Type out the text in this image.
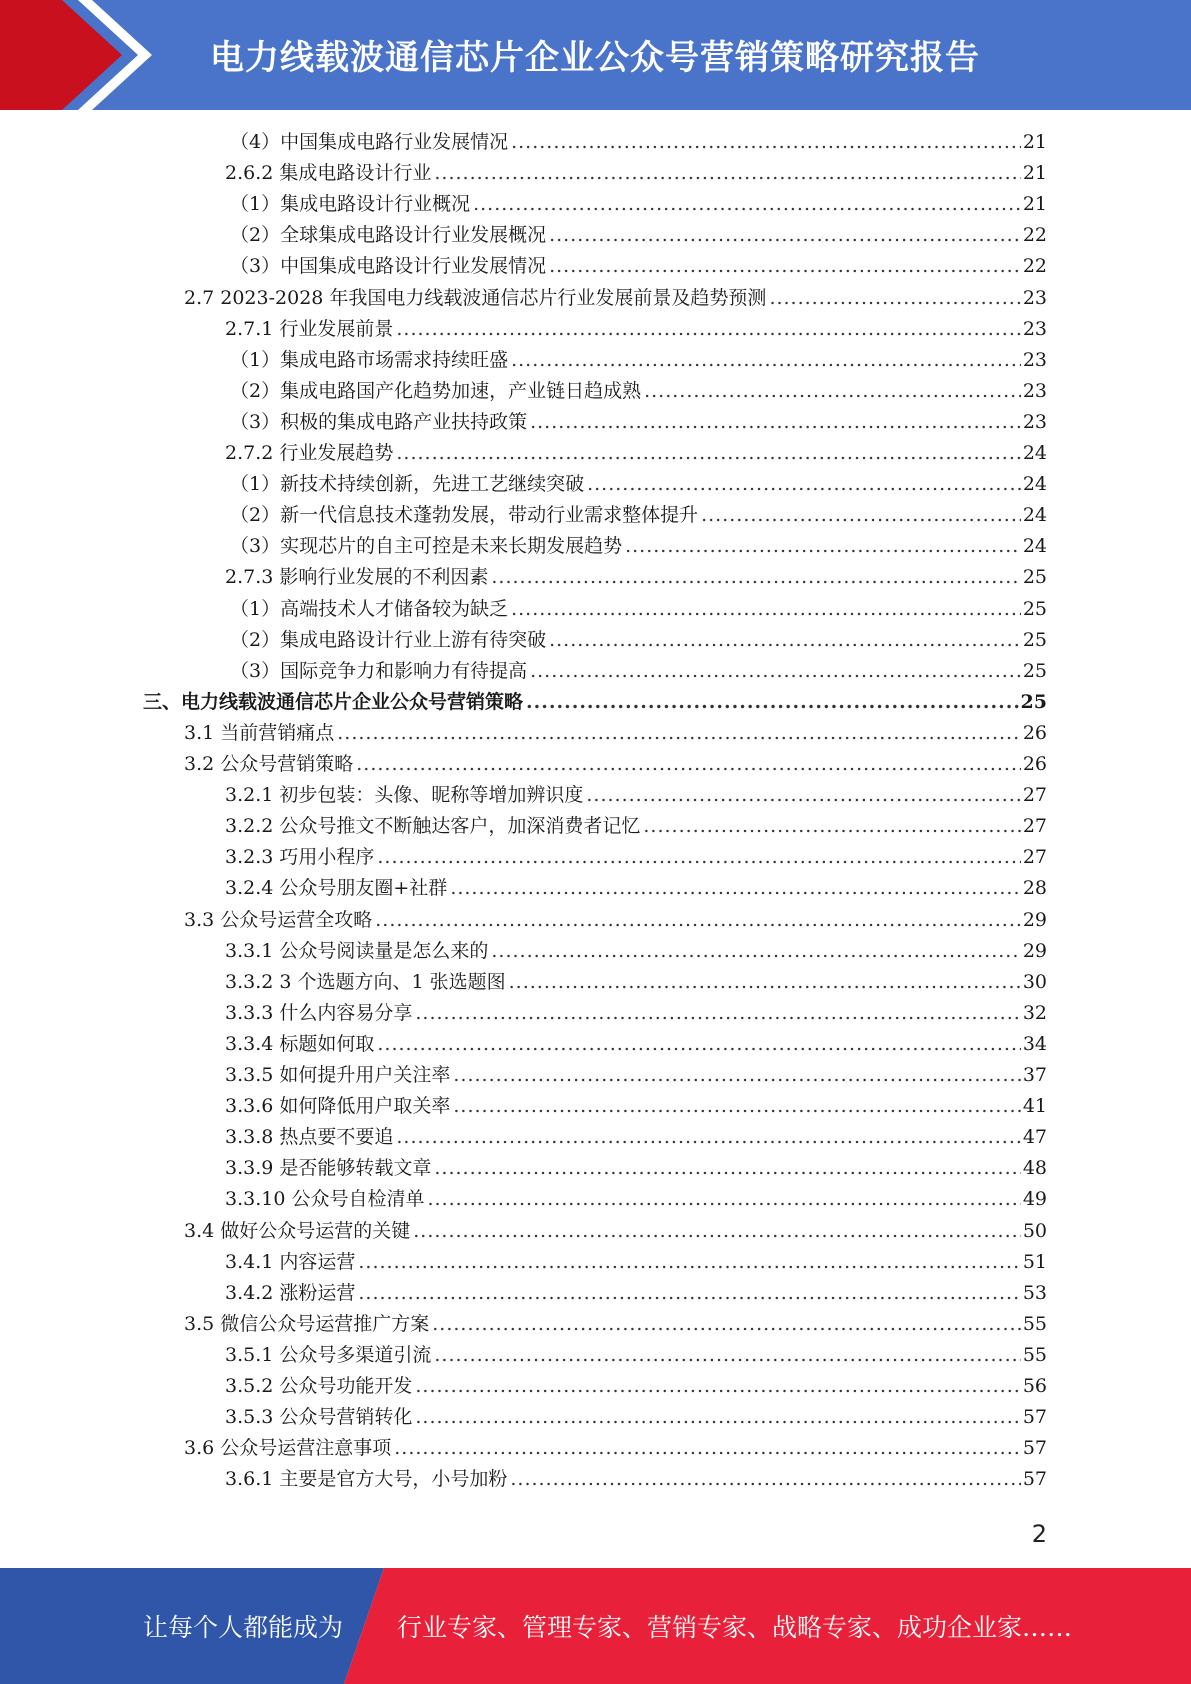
电力线载波通信芯片企业公众号营销策略研究报告
（4）中国集成电路行业发展情况 .....	21
2.6.2 集成电路设计行业 .....	21
（1）集成电路设计行业概况 .....	21
（2）全球集成电路设计行业发展概况 .....	22
（3）中国集成电路设计行业发展情况 .....	22
2.7 2023-2028 年我国电力线载波通信芯片行业发展前景及趋势预测 .....	23
2.7.1 行业发展前景 .....	23
（1）集成电路市场需求持续旺盛 .....	23
（2）集成电路国产化趋势加速，产业链日趋成熟 .....	23
（3）积极的集成电路产业扶持政策 .....	23
2.7.2 行业发展趋势 .....	24
（1）新技术持续创新，先进工艺继续突破 .....	24
（2）新一代信息技术蓬勃发展，带动行业需求整体提升 .....	24
（3）实现芯片的自主可控是未来长期发展趋势 .....	24
2.7.3 影响行业发展的不利因素 .....	25
（1）高端技术人才储备较为缺乏 .....	25
（2）集成电路设计行业上游有待突破 .....	25
（3）国际竞争力和影响力有待提高 .....	25
三、电力线载波通信芯片企业公众号营销策略 .....	25
3.1 当前营销痛点 .....	26
3.2 公众号营销策略 .....	26
3.2.1 初步包装：头像、昵称等增加辨识度 .....	27
3.2.2 公众号推文不断触达客户，加深消费者记忆 .....	27
3.2.3 巧用小程序 .....	27
3.2.4 公众号朋友圈+社群 .....	28
3.3 公众号运营全攻略 .....	29
3.3.1 公众号阅读量是怎么来的 .....	29
3.3.2 3 个选题方向、1 张选题图 .....	30
3.3.3 什么内容易分享 .....	32
3.3.4 标题如何取 .....	34
3.3.5 如何提升用户关注率 .....	37
3.3.6 如何降低用户取关率 .....	41
3.3.8 热点要不要追 .....	47
3.3.9 是否能够转载文章 .....	48
3.3.10 公众号自检清单 .....	49
3.4 做好公众号运营的关键 .....	50
3.4.1 内容运营 .....	51
3.4.2 涨粉运营 .....	53
3.5 微信公众号运营推广方案 .....	55
3.5.1 公众号多渠道引流 .....	55
3.5.2 公众号功能开发 .....	56
3.5.3 公众号营销转化 .....	57
3.6 公众号运营注意事项 .....	57
3.6.1 主要是官方大号，小号加粉 .....	57
2
让每个人都能成为 行业专家、管理专家、营销专家、战略专家、成功企业家……
